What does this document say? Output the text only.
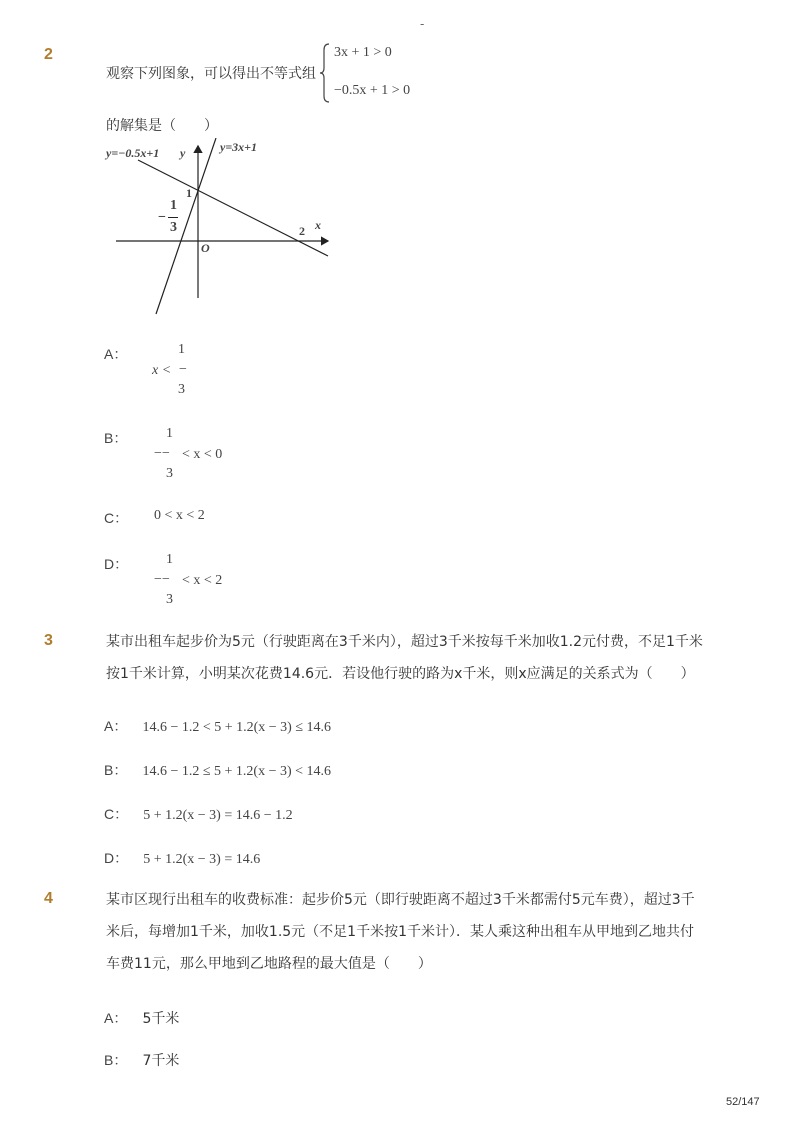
-
2
观察下列图象，可以得出不等式组
3x + 1 > 0
−0.5x + 1 > 0
的解集是（　　）
y=−0.5x+1	y=3x+1
y
x
1
2
O
−
1
3
A：
x < −
1
3
B：
− −
1
3
< x < 0
C： 0 < x < 2
D：
− −
1
3
< x < 2
3	某市出租车起步价为5元（行驶距离在3千米内），超过3千米按每千米加收1.2元付费，不足1千米
按1千米计算，小明某次花费14.6元．若设他行驶的路为x千米，则x应满足的关系式为（　　）
A： 14.6 − 1.2 < 5 + 1.2(x − 3) ≤ 14.6
B： 14.6 − 1.2 ≤ 5 + 1.2(x − 3) < 14.6
C： 5 + 1.2(x − 3) = 14.6 − 1.2
D： 5 + 1.2(x − 3) = 14.6
4	某市区现行出租车的收费标准：起步价5元（即行驶距离不超过3千米都需付5元车费），超过3千
米后，每增加1千米，加收1.5元（不足1千米按1千米计）．某人乘这种出租车从甲地到乙地共付
车费11元，那么甲地到乙地路程的最大值是（　　）
A： 5千米
B： 7千米
52/147
